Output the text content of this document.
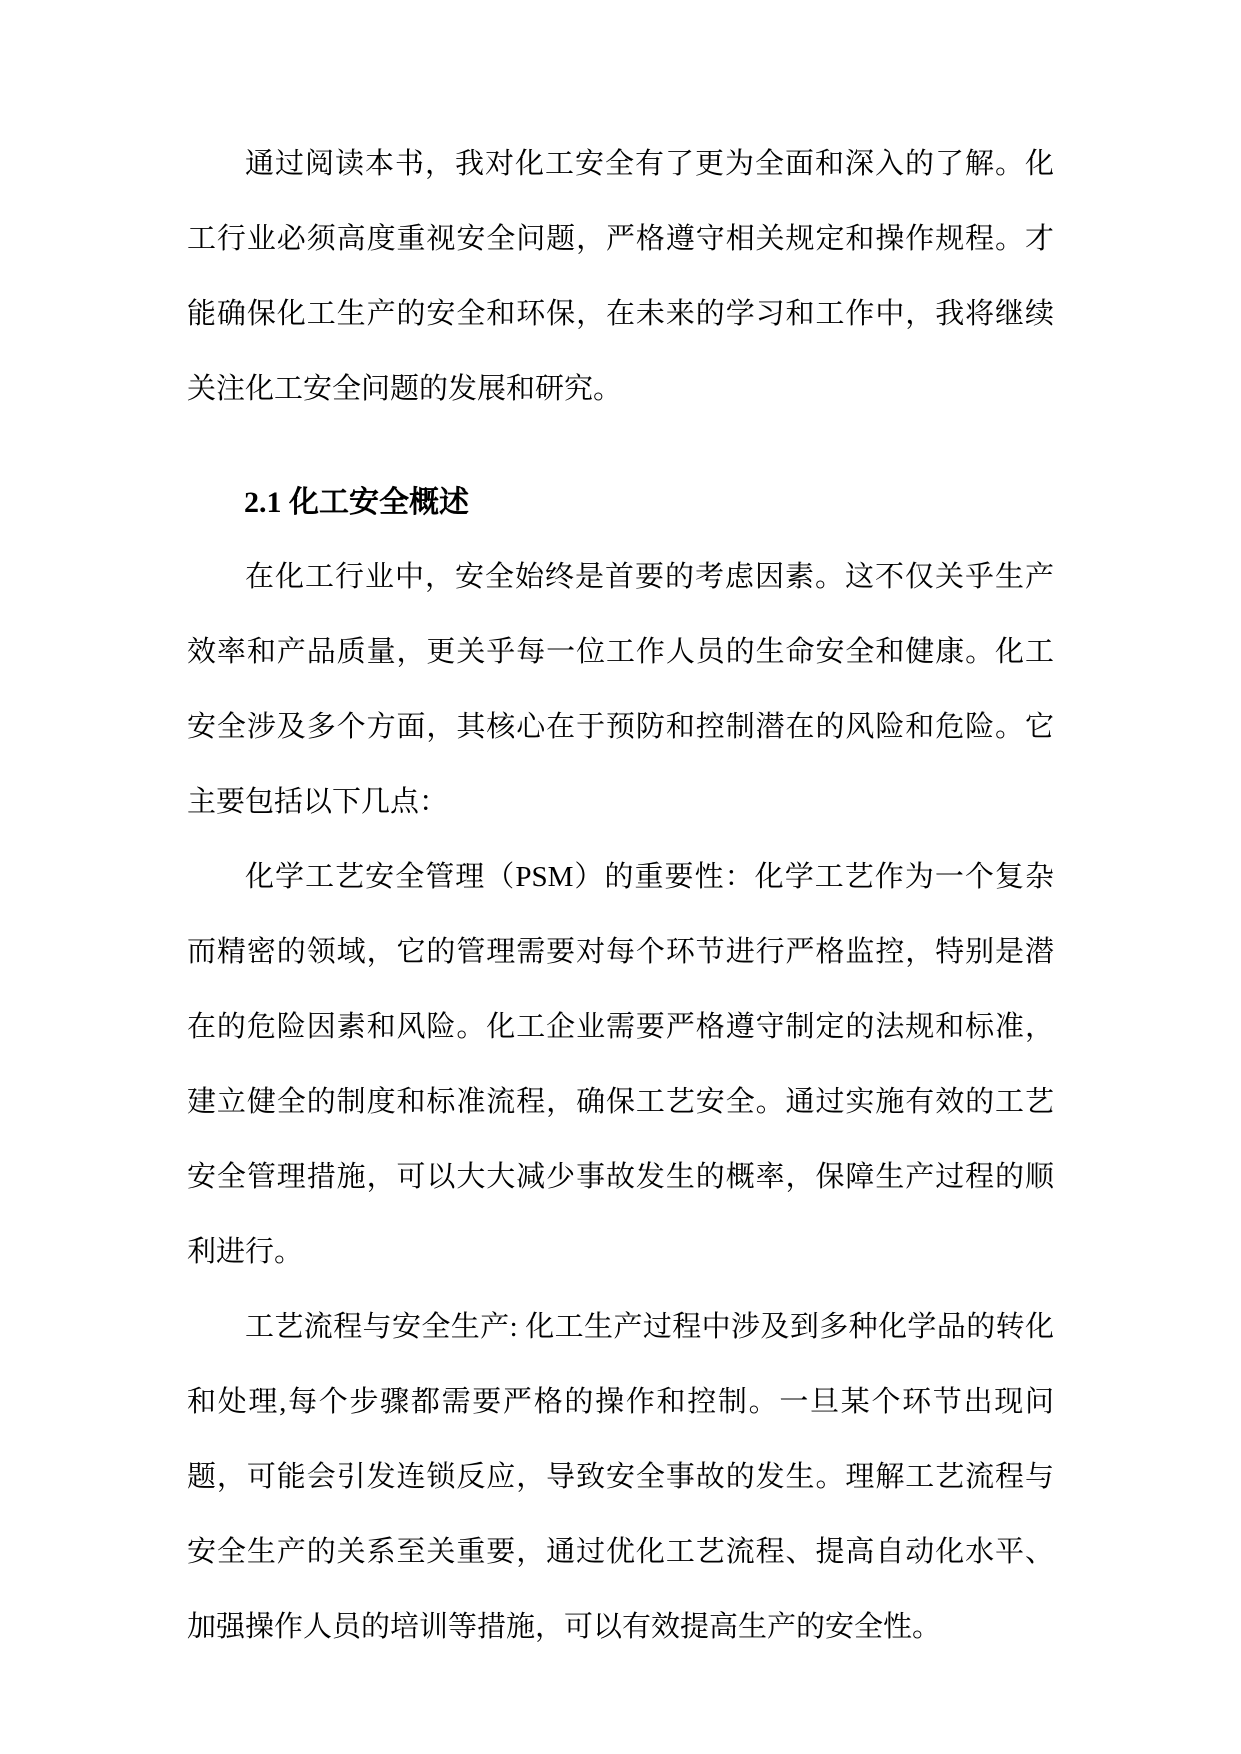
通过阅读本书，我对化工安全有了更为全面和深入的了解。化工行业必须高度重视安全问题，严格遵守相关规定和操作规程。才能确保化工生产的安全和环保，在未来的学习和工作中，我将继续关注化工安全问题的发展和研究。

2.1 化工安全概述

在化工行业中，安全始终是首要的考虑因素。这不仅关乎生产效率和产品质量，更关乎每一位工作人员的生命安全和健康。化工安全涉及多个方面，其核心在于预防和控制潜在的风险和危险。它主要包括以下几点：

化学工艺安全管理（PSM）的重要性：化学工艺作为一个复杂而精密的领域，它的管理需要对每个环节进行严格监控，特别是潜在的危险因素和风险。化工企业需要严格遵守制定的法规和标准，建立健全的制度和标准流程，确保工艺安全。通过实施有效的工艺安全管理措施，可以大大减少事故发生的概率，保障生产过程的顺利进行。

工艺流程与安全生产: 化工生产过程中涉及到多种化学品的转化和处理,每个步骤都需要严格的操作和控制。一旦某个环节出现问题，可能会引发连锁反应，导致安全事故的发生。理解工艺流程与安全生产的关系至关重要，通过优化工艺流程、提高自动化水平、加强操作人员的培训等措施，可以有效提高生产的安全性。
